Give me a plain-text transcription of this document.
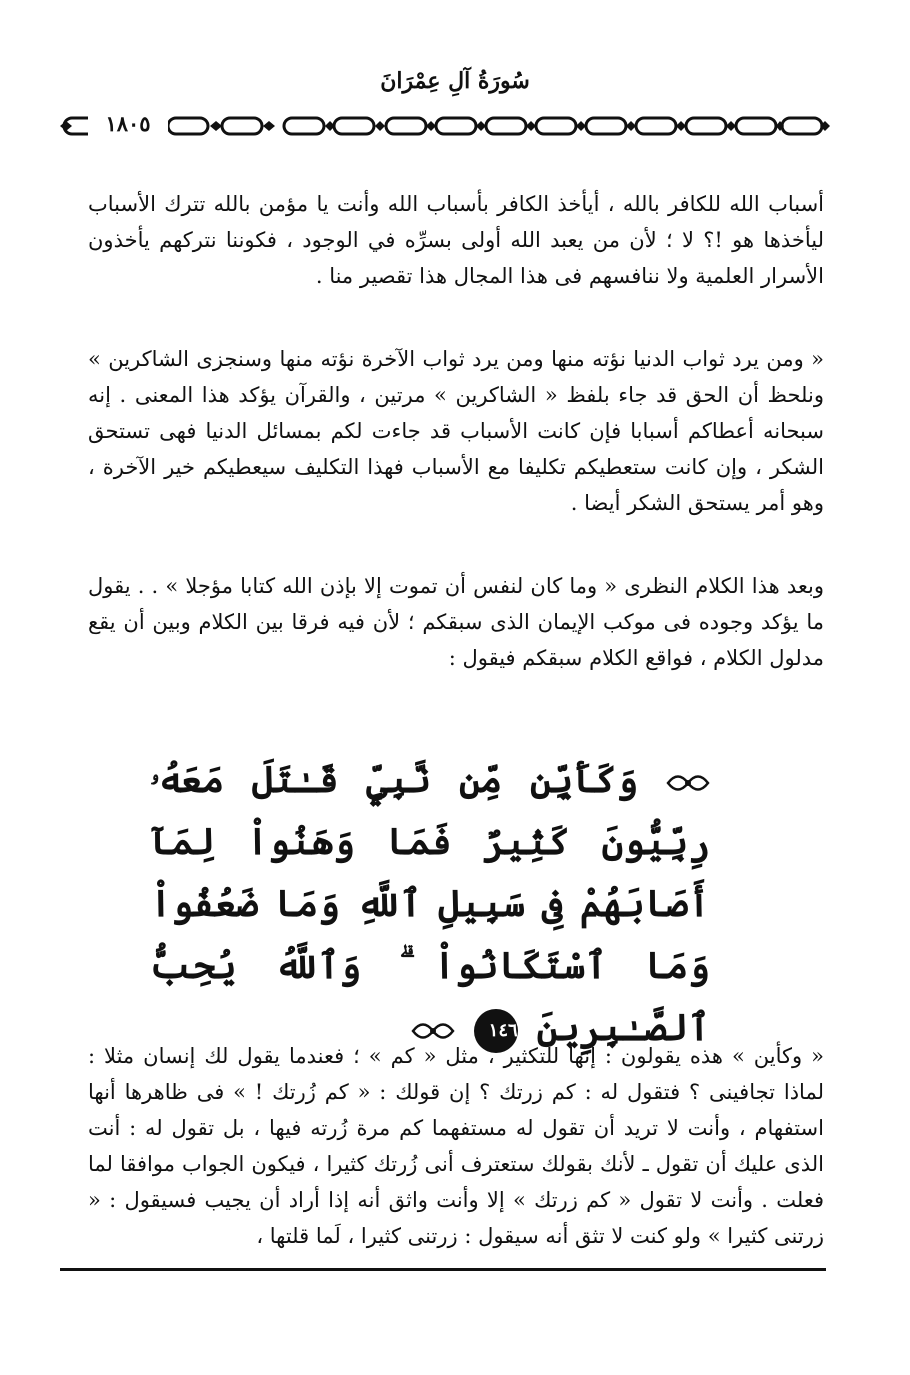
سُورَةُ آلِ عِمْرَانَ
١٨٠٥

أسباب الله للكافر بالله ، أيأخذ الكافر بأسباب الله وأنت يا مؤمن بالله تترك الأسباب ليأخذها هو !؟ لا ؛ لأن من يعبد الله أولى بسرِّه في الوجود ، فكوننا نتركهم يأخذون الأسرار العلمية ولا ننافسهم فى هذا المجال هذا تقصير منا .

« ومن يرد ثواب الدنيا نؤته منها ومن يرد ثواب الآخرة نؤته منها وسنجزى الشاكرين » ونلحظ أن الحق قد جاء بلفظ « الشاكرين » مرتين ، والقرآن يؤكد هذا المعنى . إنه سبحانه أعطاكم أسبابا فإن كانت الأسباب قد جاءت لكم بمسائل الدنيا فهى تستحق الشكر ، وإن كانت ستعطيكم تكليفا مع الأسباب فهذا التكليف سيعطيكم خير الآخرة ، وهو أمر يستحق الشكر أيضا .

وبعد هذا الكلام النظرى « وما كان لنفس أن تموت إلا بإذن الله كتابا مؤجلا » . . يقول ما يؤكد وجوده فى موكب الإيمان الذى سبقكم ؛ لأن فيه فرقا بين الكلام وبين أن يقع مدلول الكلام ، فواقع الكلام سبقكم فيقول :

وَكَأَيِّن مِّن نَّبِيٍّ قَـٰتَلَ مَعَهُۥ رِبِّيُّونَ كَثِيرٌ فَمَا وَهَنُواْ لِمَآ أَصَابَهُمْ فِى سَبِيلِ ٱللَّهِ وَمَا ضَعُفُواْ وَمَا ٱسْتَكَانُواْ ۗ وَٱللَّهُ يُحِبُّ ٱلصَّـٰبِرِينَ ١٤٦

« وكأين » هذه يقولون : إنها للتكثير ، مثل « كم » ؛ فعندما يقول لك إنسان مثلا : لماذا تجافينى ؟ فتقول له : كم زرتك ؟ إن قولك : « كم زُرتك ! » فى ظاهرها أنها استفهام ، وأنت لا تريد أن تقول له مستفهما كم مرة زُرته فيها ، بل تقول له : أنت الذى عليك أن تقول ـ لأنك بقولك ستعترف أنى زُرتك كثيرا ، فيكون الجواب موافقا لما فعلت . وأنت لا تقول « كم زرتك » إلا وأنت واثق أنه إذا أراد أن يجيب فسيقول : « زرتنى كثيرا » ولو كنت لا تثق أنه سيقول : زرتنى كثيرا ، لَما قلتها ،
